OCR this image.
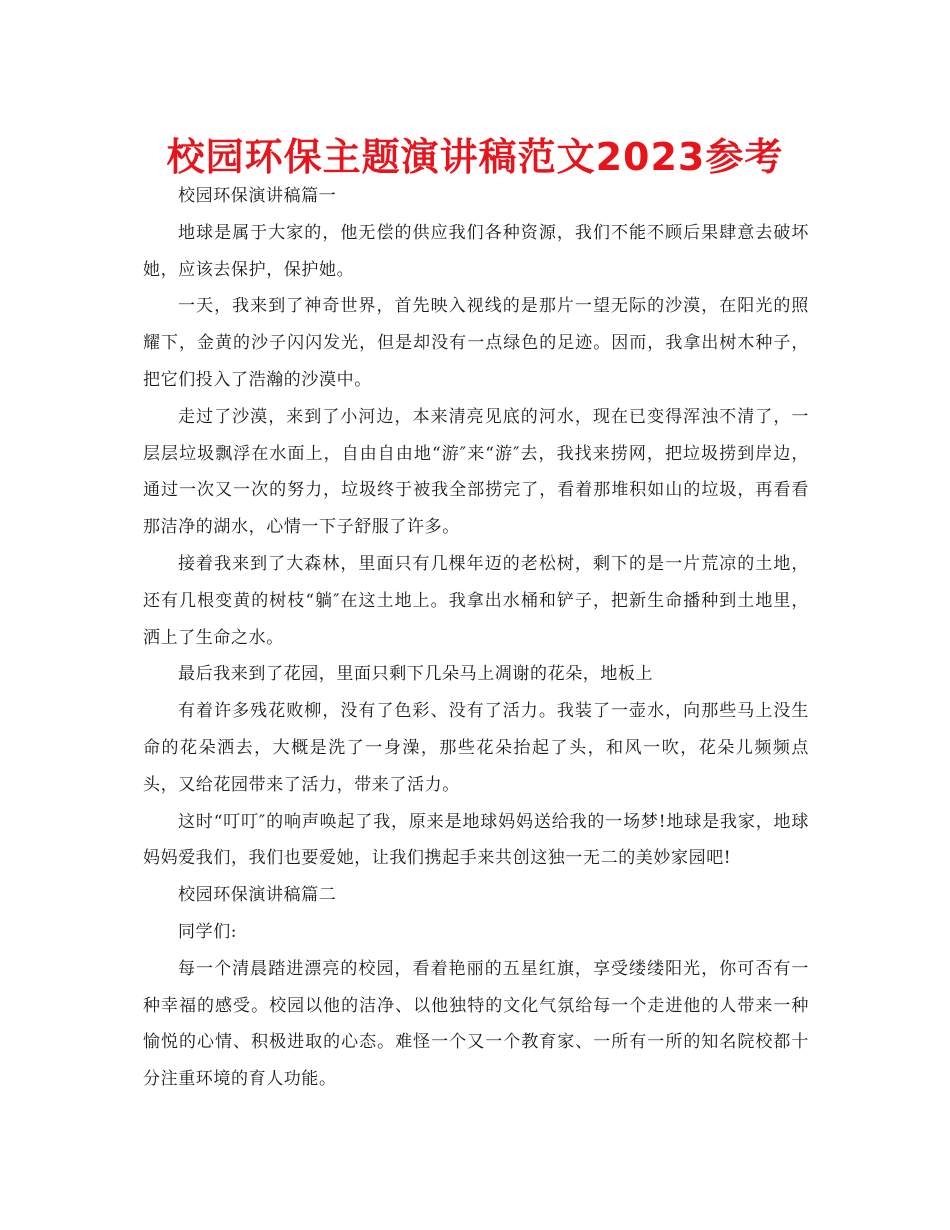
校园环保主题演讲稿范文2023参考

校园环保演讲稿篇一

地球是属于大家的，他无偿的供应我们各种资源，我们不能不顾后果肆意去破坏她，应该去保护，保护她。

一天，我来到了神奇世界，首先映入视线的是那片一望无际的沙漠，在阳光的照耀下，金黄的沙子闪闪发光，但是却没有一点绿色的足迹。因而，我拿出树木种子，把它们投入了浩瀚的沙漠中。

走过了沙漠，来到了小河边，本来清亮见底的河水，现在已变得浑浊不清了，一层层垃圾飘浮在水面上，自由自由地“游″来“游″去，我找来捞网，把垃圾捞到岸边，通过一次又一次的努力，垃圾终于被我全部捞完了，看着那堆积如山的垃圾，再看看那洁净的湖水，心情一下子舒服了许多。

接着我来到了大森林，里面只有几棵年迈的老松树，剩下的是一片荒凉的土地，还有几根变黄的树枝“躺″在这土地上。我拿出水桶和铲子，把新生命播种到土地里，洒上了生命之水。

最后我来到了花园，里面只剩下几朵马上凋谢的花朵，地板上

有着许多残花败柳，没有了色彩、没有了活力。我装了一壶水，向那些马上没生命的花朵洒去，大概是洗了一身澡，那些花朵抬起了头，和风一吹，花朵儿频频点头，又给花园带来了活力，带来了活力。

这时“叮叮″的响声唤起了我，原来是地球妈妈送给我的一场梦!地球是我家，地球妈妈爱我们，我们也要爱她，让我们携起手来共创这独一无二的美妙家园吧!

校园环保演讲稿篇二

同学们:

每一个清晨踏进漂亮的校园，看着艳丽的五星红旗，享受缕缕阳光，你可否有一种幸福的感受。校园以他的洁净、以他独特的文化气氛给每一个走进他的人带来一种愉悦的心情、积极进取的心态。难怪一个又一个教育家、一所有一所的知名院校都十分注重环境的育人功能。
